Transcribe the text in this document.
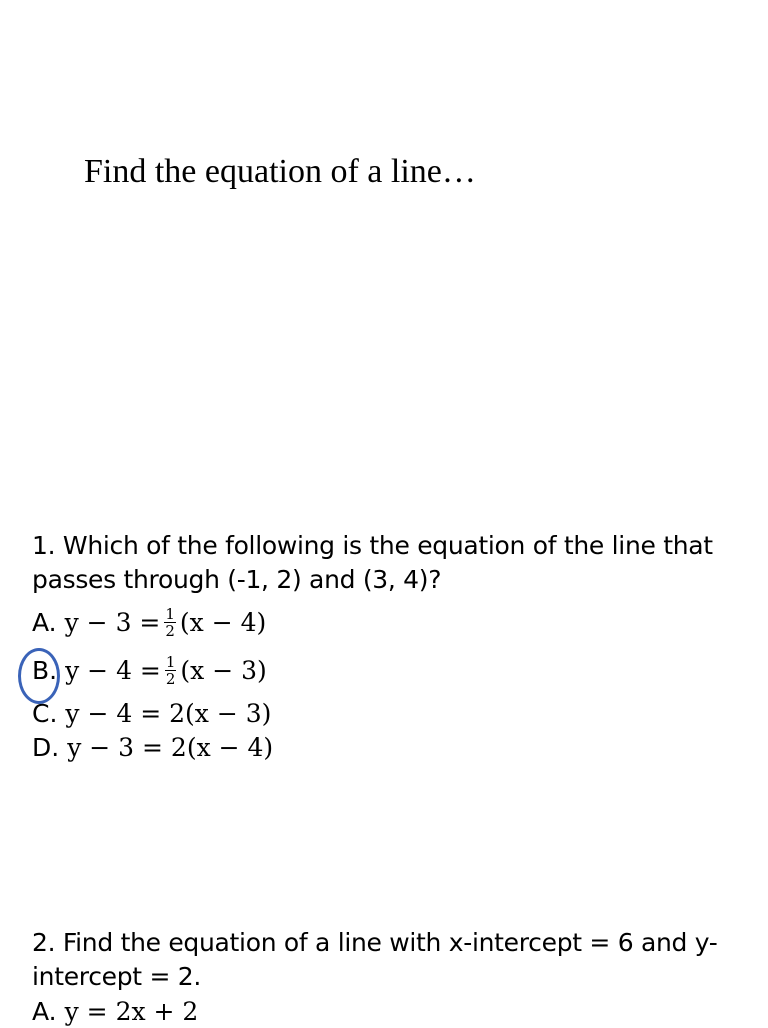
Find the equation of a line…
1. Which of the following is the equation of the line that passes through (-1, 2) and (3, 4)?
A. $y - 3 = \frac{1}{2} (x - 4)$
B. $y - 4 = \frac{1}{2} (x - 3)$
C. y − 4 = 2(x − 3)
D. y − 3 = 2(x − 4)
2. Find the equation of a line with x-intercept = 6 and y-intercept = 2.
A. y = 2x + 2
